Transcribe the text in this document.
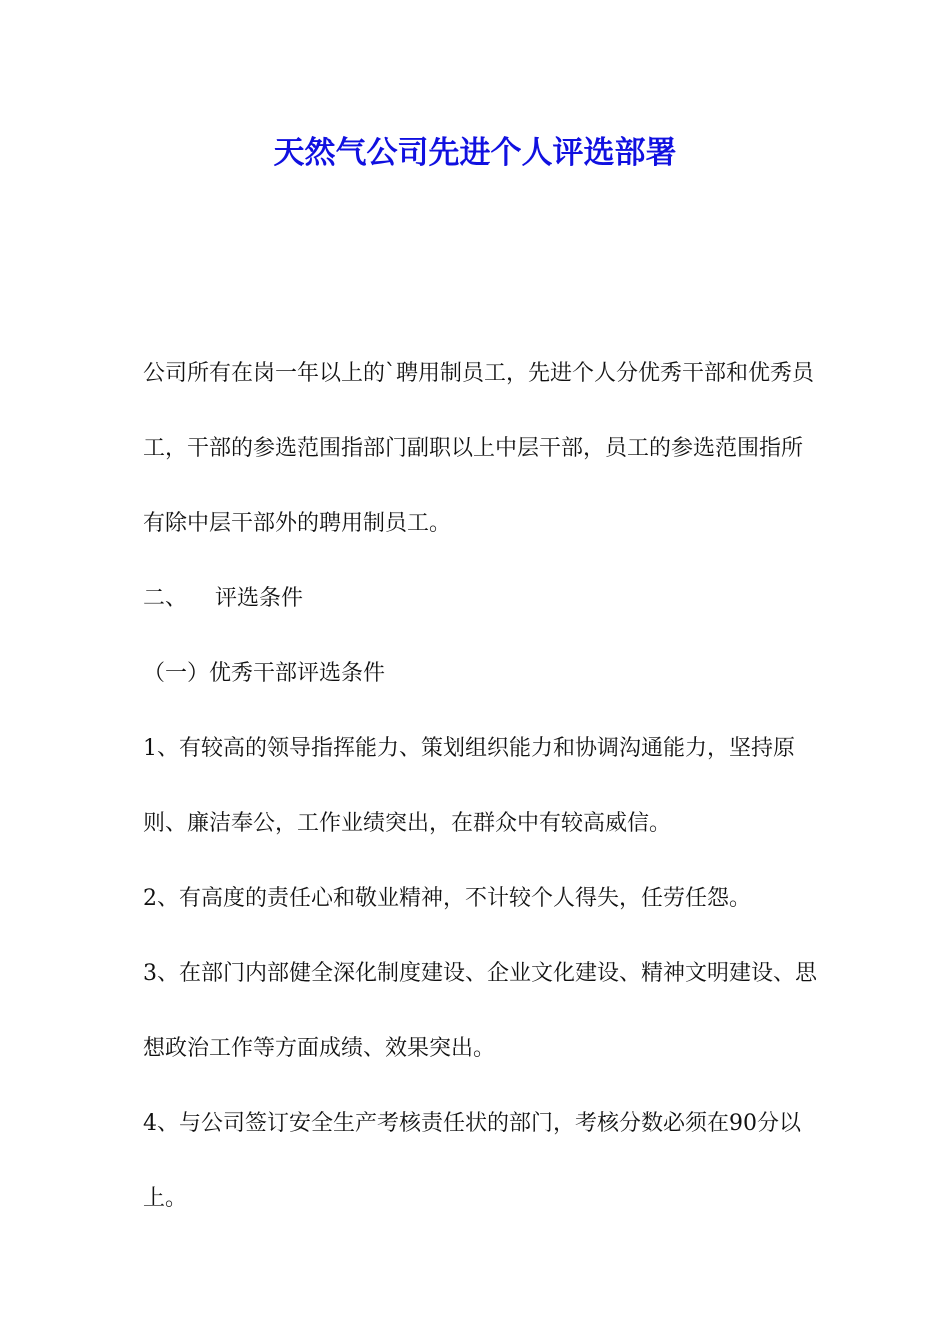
天然气公司先进个人评选部署

公司所有在岗一年以上的`聘用制员工，先进个人分优秀干部和优秀员工，干部的参选范围指部门副职以上中层干部，员工的参选范围指所有除中层干部外的聘用制员工。

二、 评选条件

（一）优秀干部评选条件

1、有较高的领导指挥能力、策划组织能力和协调沟通能力，坚持原则、廉洁奉公，工作业绩突出，在群众中有较高威信。

2、有高度的责任心和敬业精神，不计较个人得失，任劳任怨。

3、在部门内部健全深化制度建设、企业文化建设、精神文明建设、思想政治工作等方面成绩、效果突出。

4、与公司签订安全生产考核责任状的部门，考核分数必须在90分以上。
